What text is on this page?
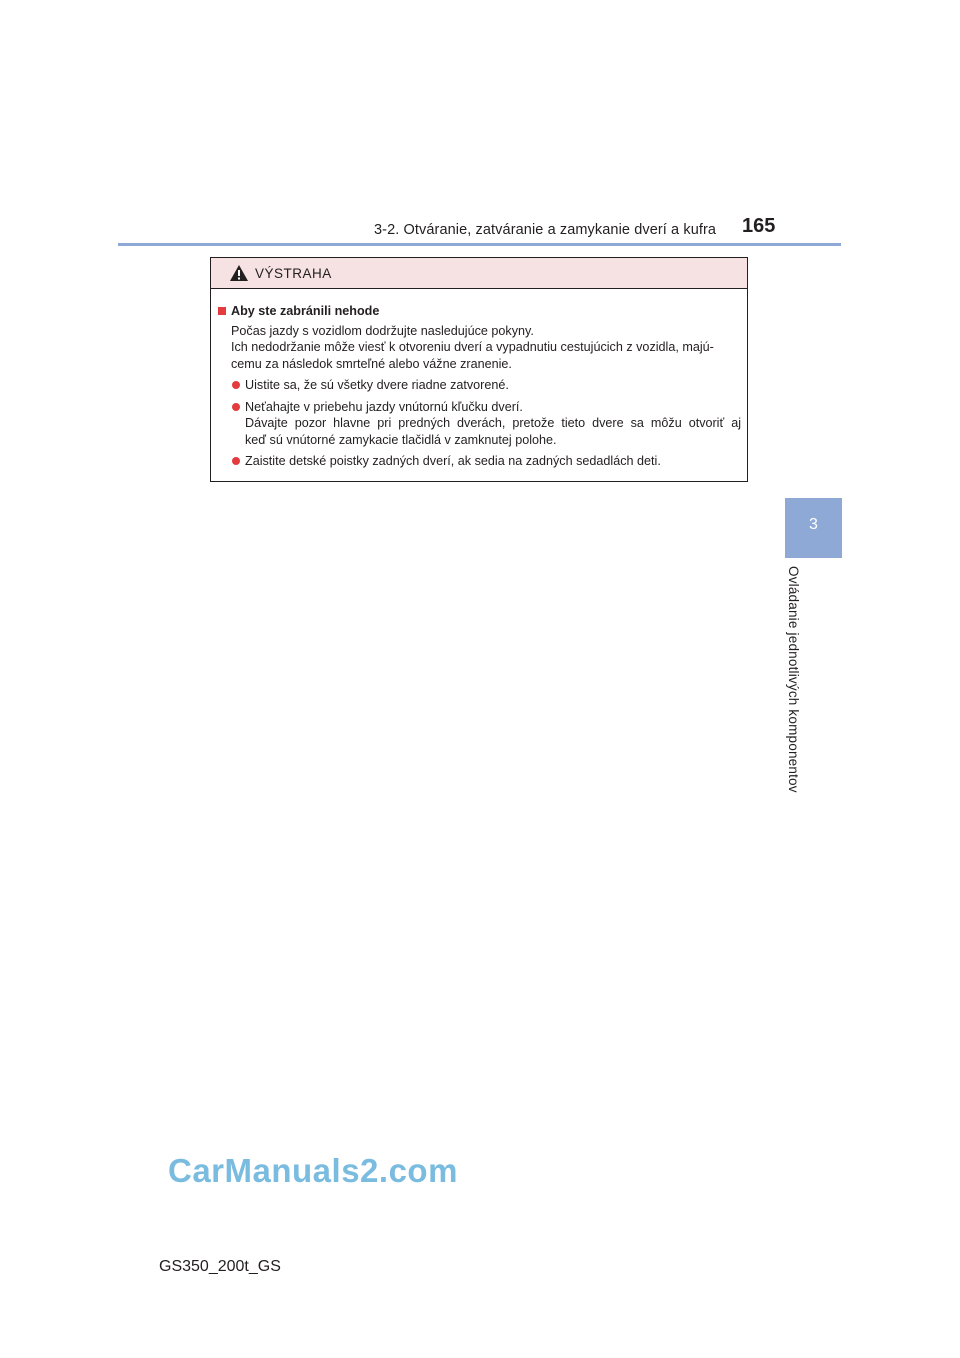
3-2. Otváranie, zatváranie a zamykanie dverí a kufra 165
3
Ovládanie jednotlivých komponentov
VÝSTRAHA
Aby ste zabránili nehode

Počas jazdy s vozidlom dodržujte nasledujúce pokyny.

Ich nedodržanie môže viesť k otvoreniu dverí a vypadnutiu cestujúcich z vozidla, majú-

cemu za následok smrteľné alebo vážne zranenie.

Uistite sa, že sú všetky dvere riadne zatvorené.
Neťahajte v priebehu jazdy vnútornú kľučku dverí.
Dávajte pozor hlavne pri predných dverách, pretože tieto dvere sa môžu otvoriť aj
keď sú vnútorné zamykacie tlačidlá v zamknutej polohe.
Zaistite detské poistky zadných dverí, ak sedia na zadných sedadlách deti.
CarManuals2.com
GS350_200t_GS
